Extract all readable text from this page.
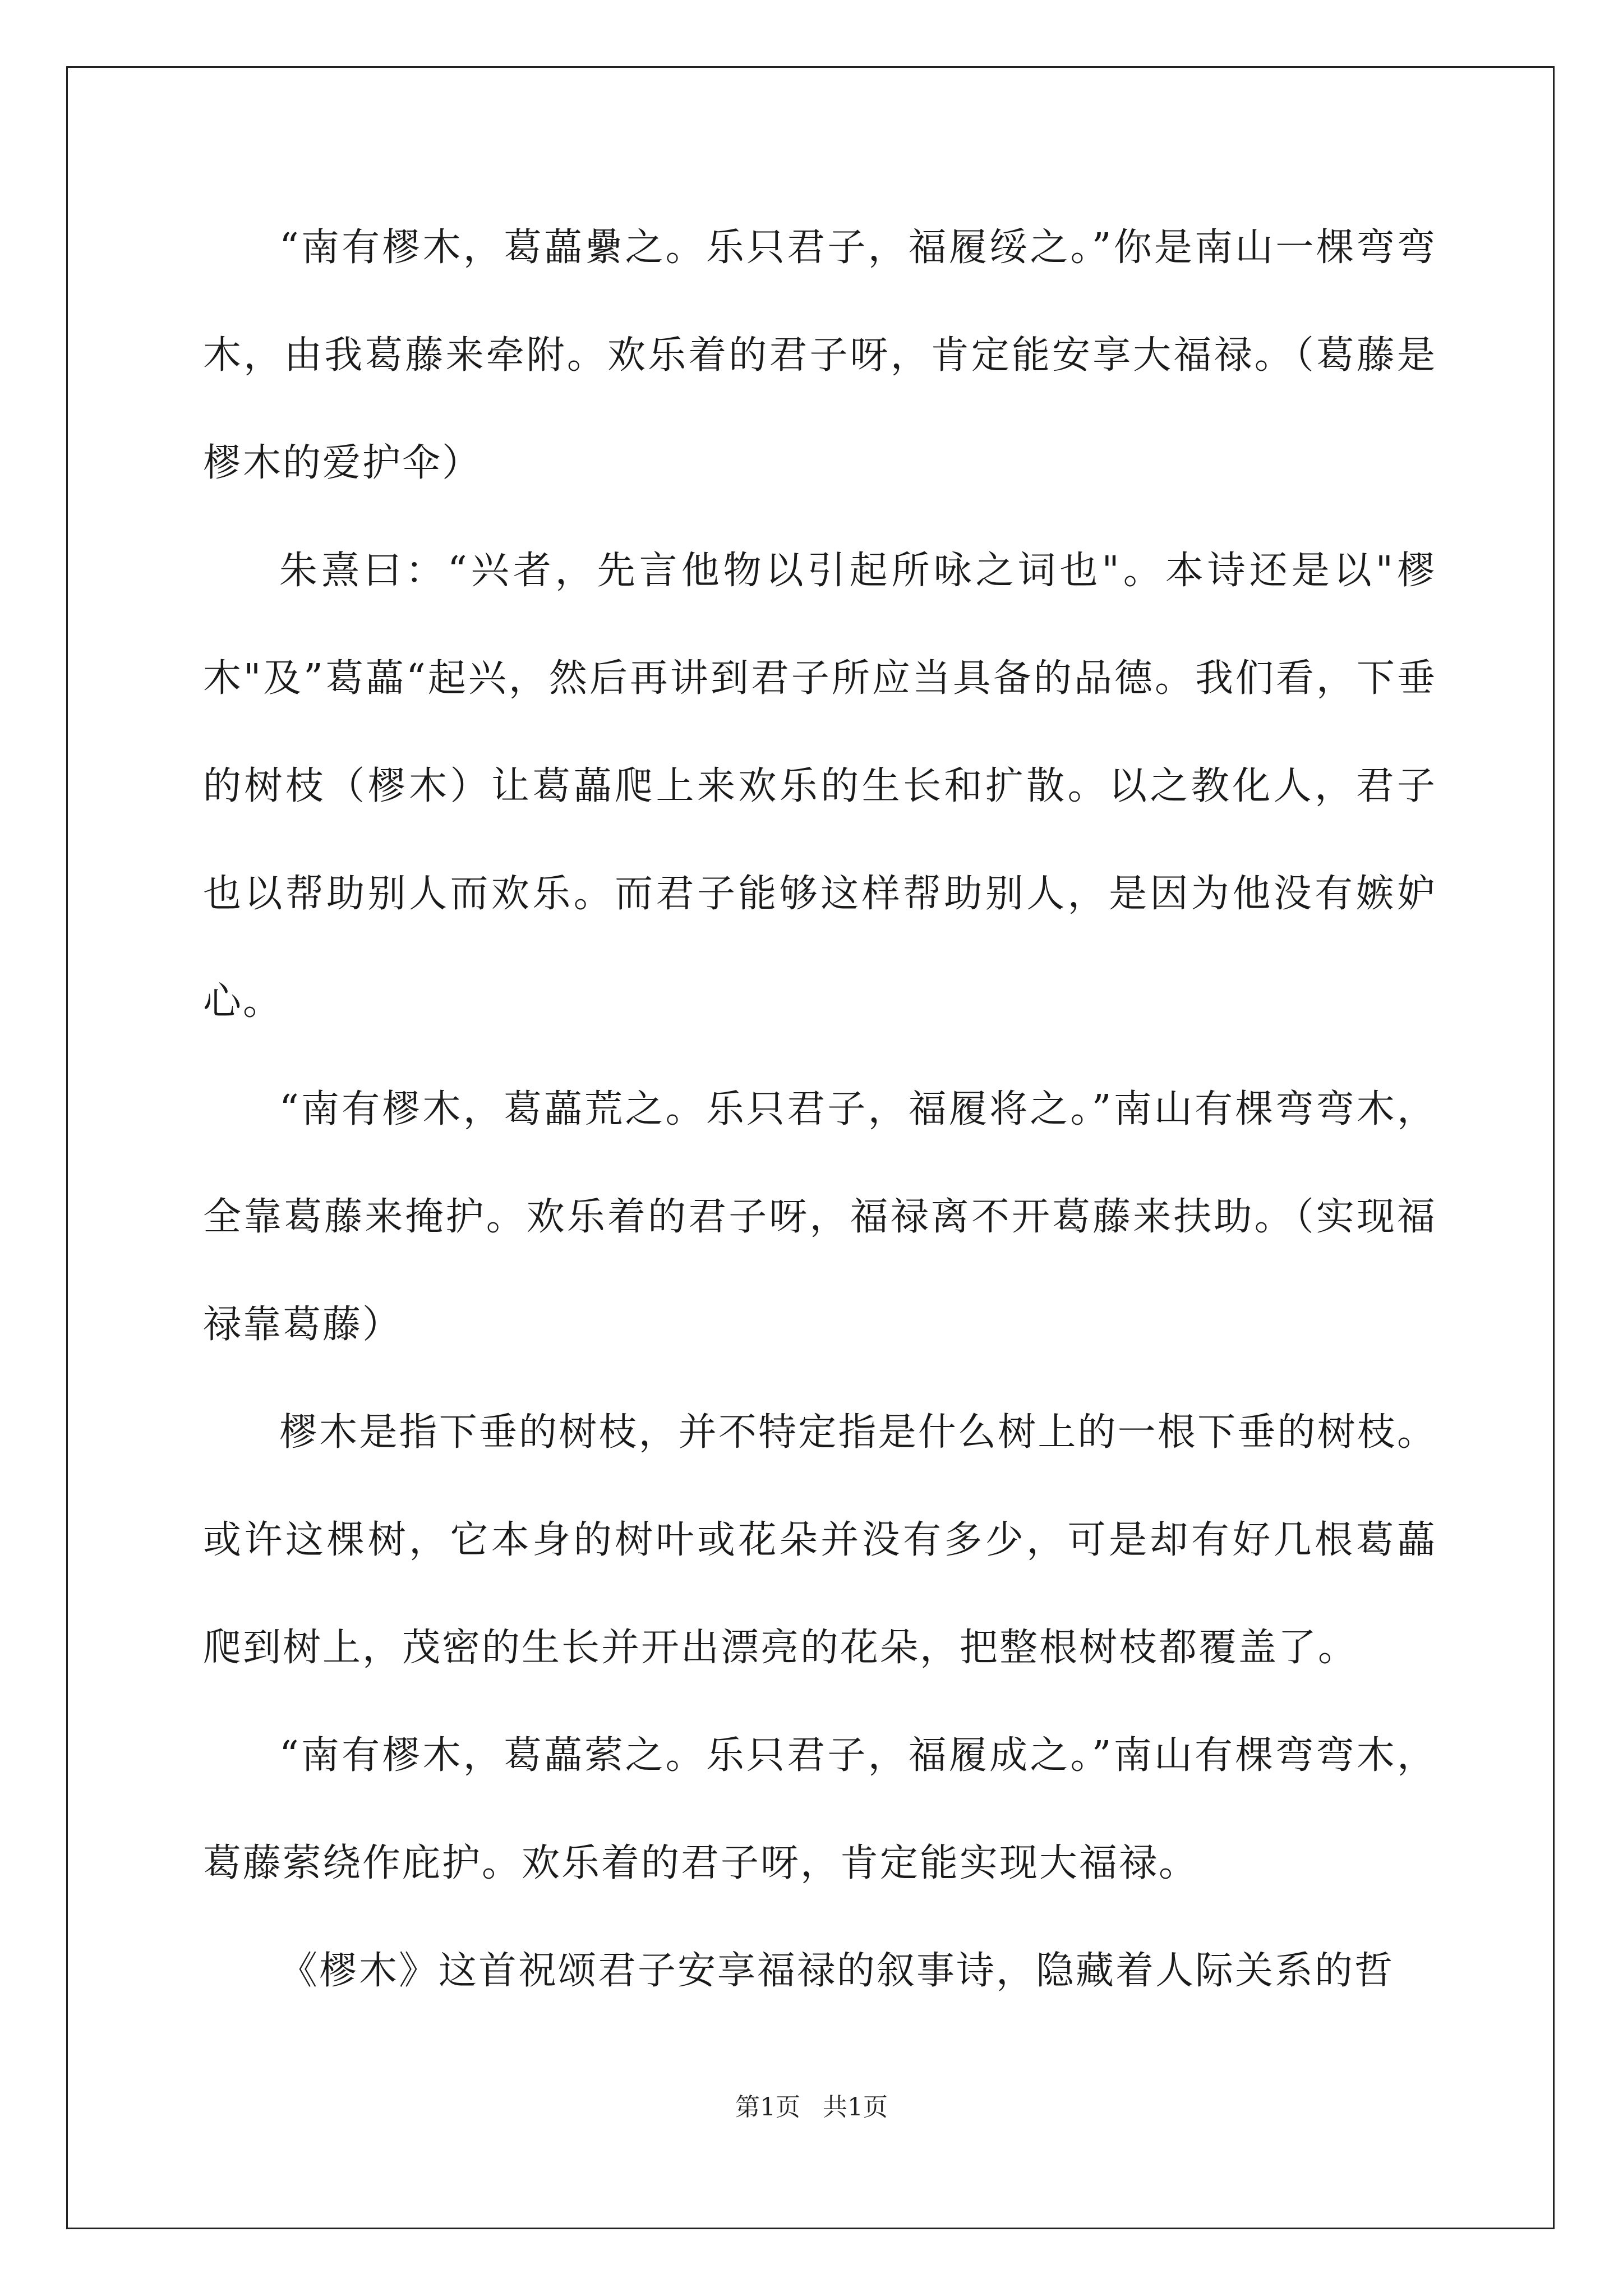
“南有樛木，葛藟纍之。乐只君子，福履绥之。”你是南山一棵弯弯木，由我葛藤来牵附。欢乐着的君子呀，肯定能安享大福禄。（葛藤是樛木的爱护伞）

朱熹曰：“兴者，先言他物以引起所咏之词也"。本诗还是以"樛木"及”葛藟“起兴，然后再讲到君子所应当具备的品德。我们看，下垂的树枝（樛木）让葛藟爬上来欢乐的生长和扩散。以之教化人，君子也以帮助别人而欢乐。而君子能够这样帮助别人，是因为他没有嫉妒心。

“南有樛木，葛藟荒之。乐只君子，福履将之。”南山有棵弯弯木，全靠葛藤来掩护。欢乐着的君子呀，福禄离不开葛藤来扶助。（实现福禄靠葛藤）

樛木是指下垂的树枝，并不特定指是什么树上的一根下垂的树枝。或许这棵树，它本身的树叶或花朵并没有多少，可是却有好几根葛藟爬到树上，茂密的生长并开出漂亮的花朵，把整根树枝都覆盖了。

“南有樛木，葛藟萦之。乐只君子，福履成之。”南山有棵弯弯木，葛藤萦绕作庇护。欢乐着的君子呀，肯定能实现大福禄。

《樛木》这首祝颂君子安享福禄的叙事诗，隐藏着人际关系的哲

第1页 共1页
